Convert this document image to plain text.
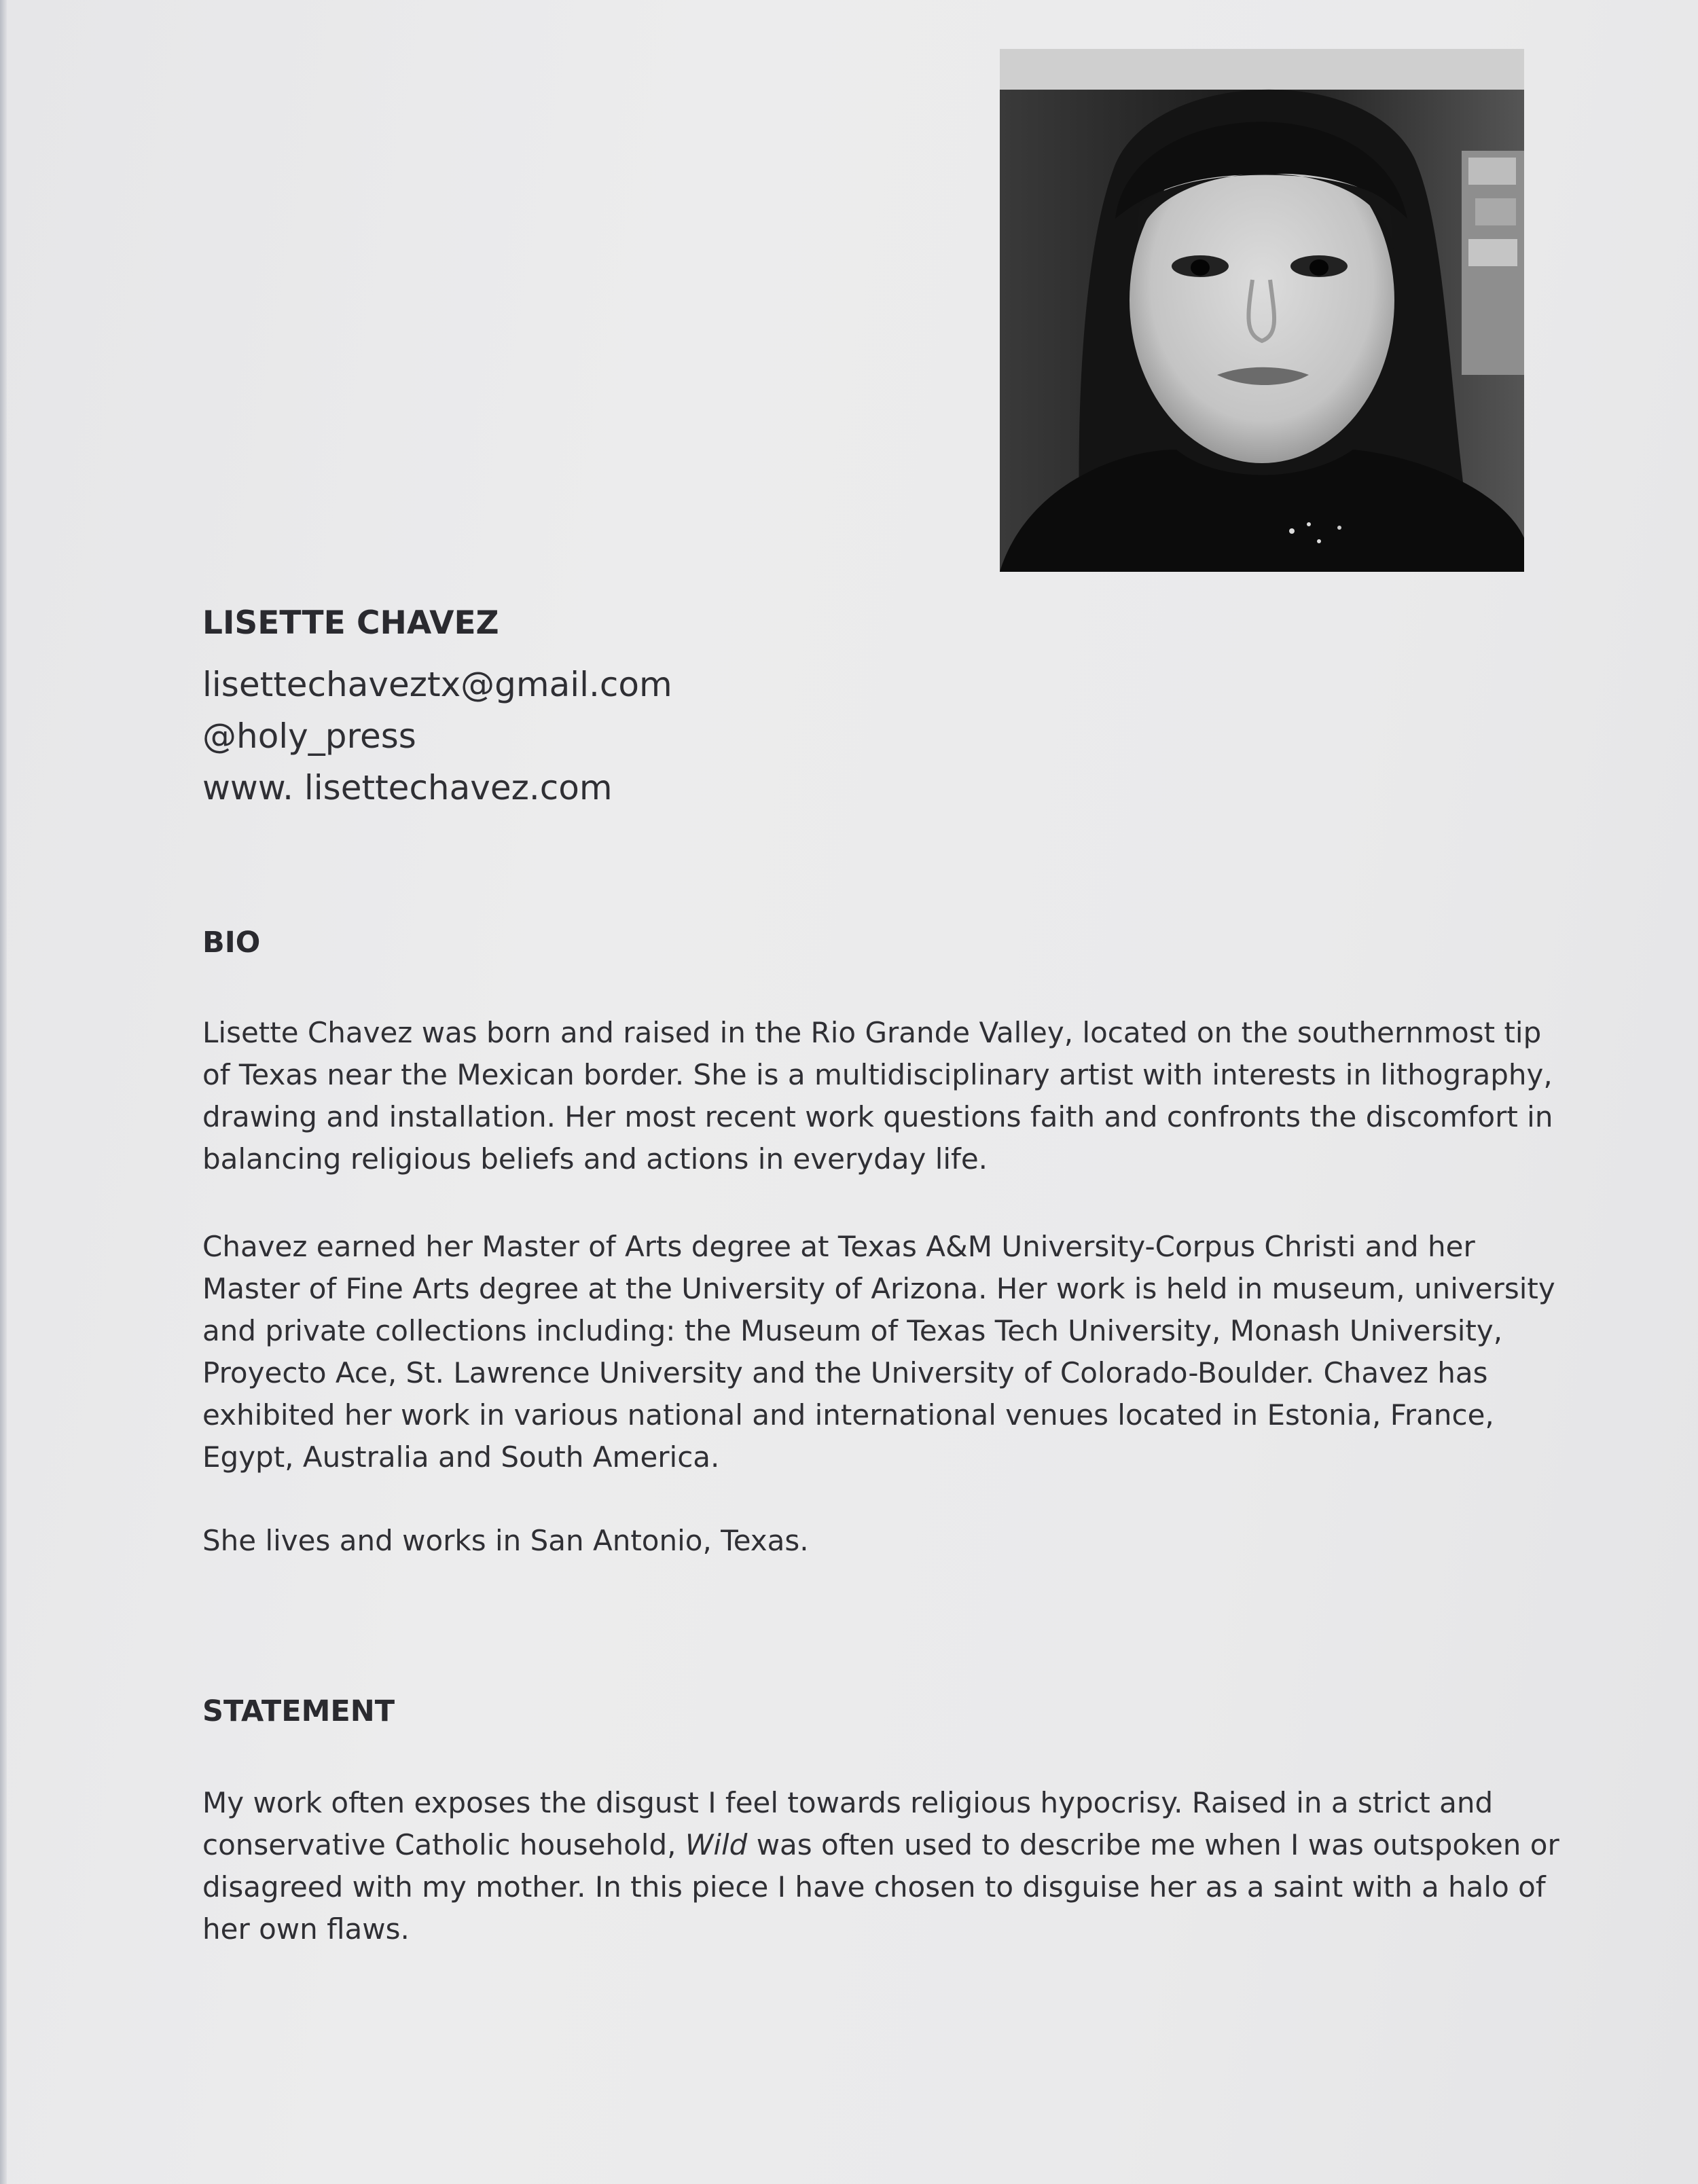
LISETTE CHAVEZ
lisettechaveztx@gmail.com
@holy_press
www. lisettechavez.com
BIO
Lisette Chavez was born and raised in the Rio Grande Valley, located on the southernmost tip of Texas near the Mexican border. She is a multidisciplinary artist with interests in lithography, drawing and installation. Her most recent work questions faith and confronts the discomfort in balancing religious beliefs and actions in everyday life.
Chavez earned her Master of Arts degree at Texas A&M University-Corpus Christi and her Master of Fine Arts degree at the University of Arizona. Her work is held in museum, university and private collections including: the Museum of Texas Tech University, Monash University, Proyecto Ace, St. Lawrence University and the University of Colorado-Boulder. Chavez has exhibited her work in various national and international venues located in Estonia, France, Egypt, Australia and South America.
She lives and works in San Antonio, Texas.
STATEMENT
My work often exposes the disgust I feel towards religious hypocrisy. Raised in a strict and conservative Catholic household, Wild was often used to describe me when I was outspoken or disagreed with my mother. In this piece I have chosen to disguise her as a saint with a halo of her own flaws.
